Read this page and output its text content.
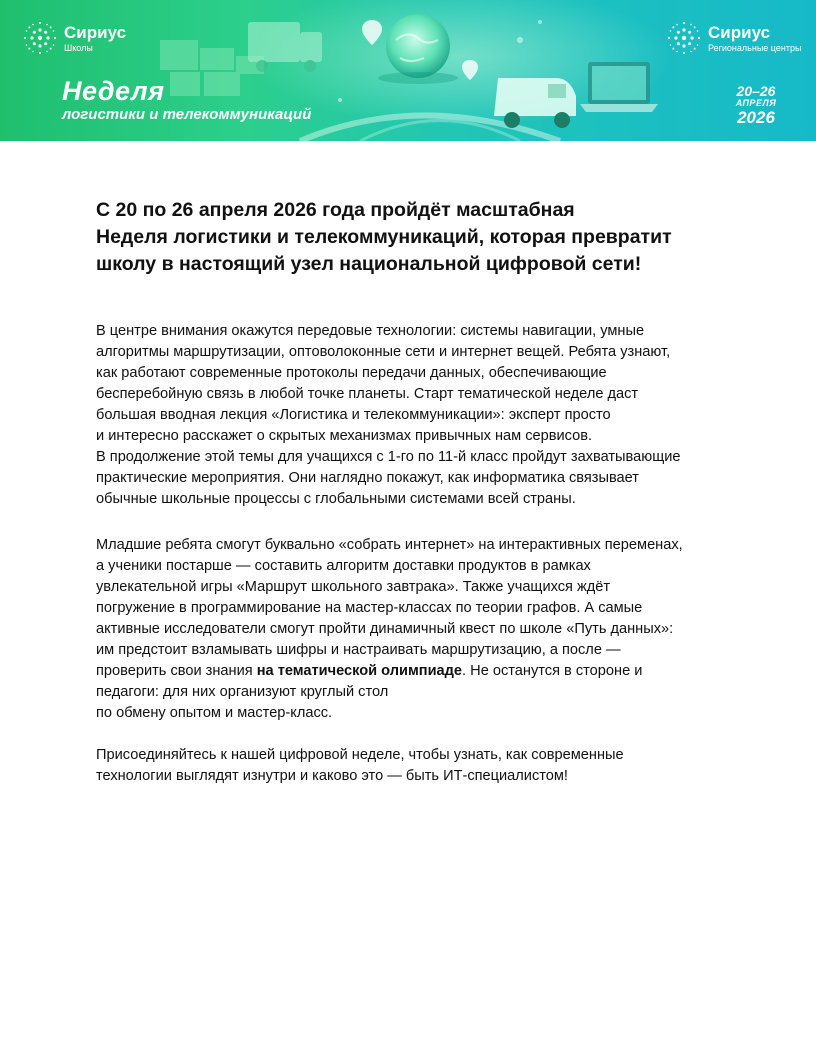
Сириус
Школы
Сириус
Региональные центры
Неделя
логистики и телекоммуникаций
20–26
АПРЕЛЯ
2026
С 20 по 26 апреля 2026 года пройдёт масштабная
Неделя логистики и телекоммуникаций, которая превратит
школу в настоящий узел национальной цифровой сети!

В центре внимания окажутся передовые технологии: системы навигации, умные
алгоритмы маршрутизации, оптоволоконные сети и интернет вещей. Ребята узнают,
как работают современные протоколы передачи данных, обеспечивающие
бесперебойную связь в любой точке планеты. Старт тематической неделе даст
большая вводная лекция «Логистика и телекоммуникации»: эксперт просто
и интересно расскажет о скрытых механизмах привычных нам сервисов.
В продолжение этой темы для учащихся с 1-го по 11-й класс пройдут захватывающие
практические мероприятия. Они наглядно покажут, как информатика связывает
обычные школьные процессы с глобальными системами всей страны.

Младшие ребята смогут буквально «собрать интернет» на интерактивных переменах,
а ученики постарше — составить алгоритм доставки продуктов в рамках
увлекательной игры «Маршрут школьного завтрака». Также учащихся ждёт
погружение в программирование на мастер-классах по теории графов. А самые
активные исследователи смогут пройти динамичный квест по школе «Путь данных»:
им предстоит взламывать шифры и настраивать маршрутизацию, а после —
проверить свои знания на тематической олимпиаде. Не останутся в стороне и
педагоги: для них организуют круглый стол
по обмену опытом и мастер-класс.

Присоединяйтесь к нашей цифровой неделе, чтобы узнать, как современные
технологии выглядят изнутри и каково это — быть ИТ-специалистом!
